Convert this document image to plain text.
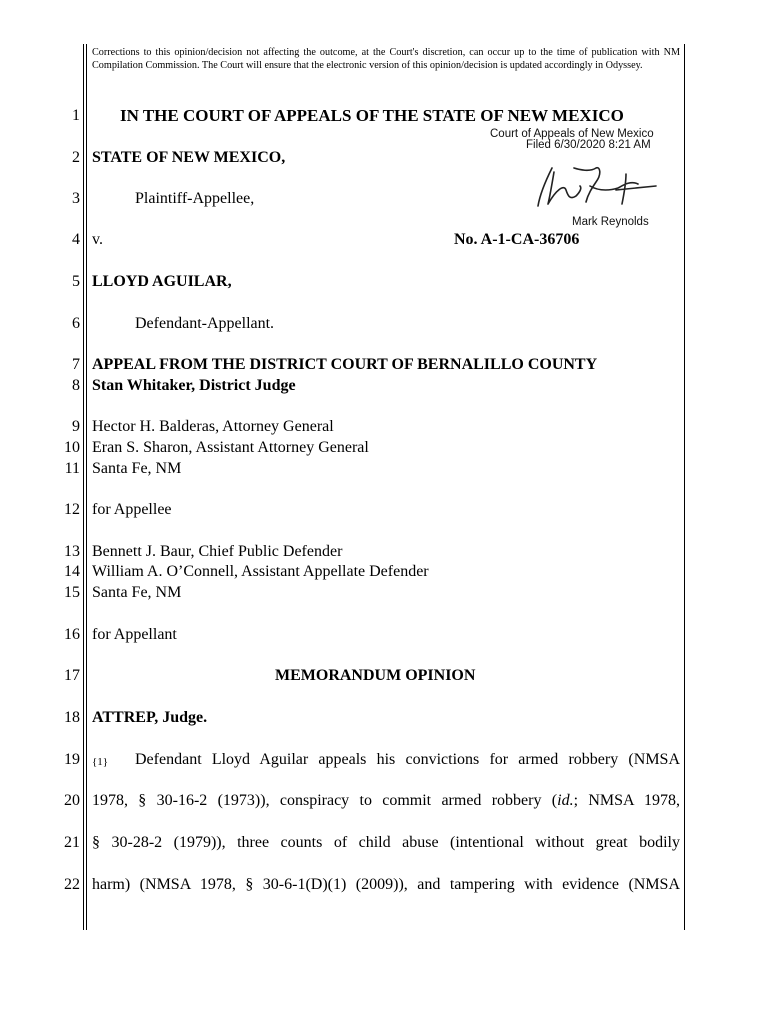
Corrections to this opinion/decision not affecting the outcome, at the Court's discretion, can occur up to the time of publication with NM Compilation Commission. The Court will ensure that the electronic version of this opinion/decision is updated accordingly in Odyssey.
1
2
3
4
5
6
7
8
9
10
11
12
13
14
15
16
17
18
19
20
21
22
IN THE COURT OF APPEALS OF THE STATE OF NEW MEXICO
Court of Appeals of New Mexico
Filed 6/30/2020 8:21 AM
Mark Reynolds
STATE OF NEW MEXICO,
Plaintiff-Appellee,
v.	No. A-1-CA-36706
LLOYD AGUILAR,
Defendant-Appellant.
APPEAL FROM THE DISTRICT COURT OF BERNALILLO COUNTY
Stan Whitaker, District Judge
Hector H. Balderas, Attorney General
Eran S. Sharon, Assistant Attorney General
Santa Fe, NM
for Appellee
Bennett J. Baur, Chief Public Defender
William A. O’Connell, Assistant Appellate Defender
Santa Fe, NM
for Appellant
MEMORANDUM OPINION
ATTREP, Judge.
{1} Defendant Lloyd Aguilar appeals his convictions for armed robbery (NMSA
1978, § 30-16-2 (1973)), conspiracy to commit armed robbery (id.; NMSA 1978,
§ 30-28-2 (1979)), three counts of child abuse (intentional without great bodily
harm) (NMSA 1978, § 30-6-1(D)(1) (2009)), and tampering with evidence (NMSA
